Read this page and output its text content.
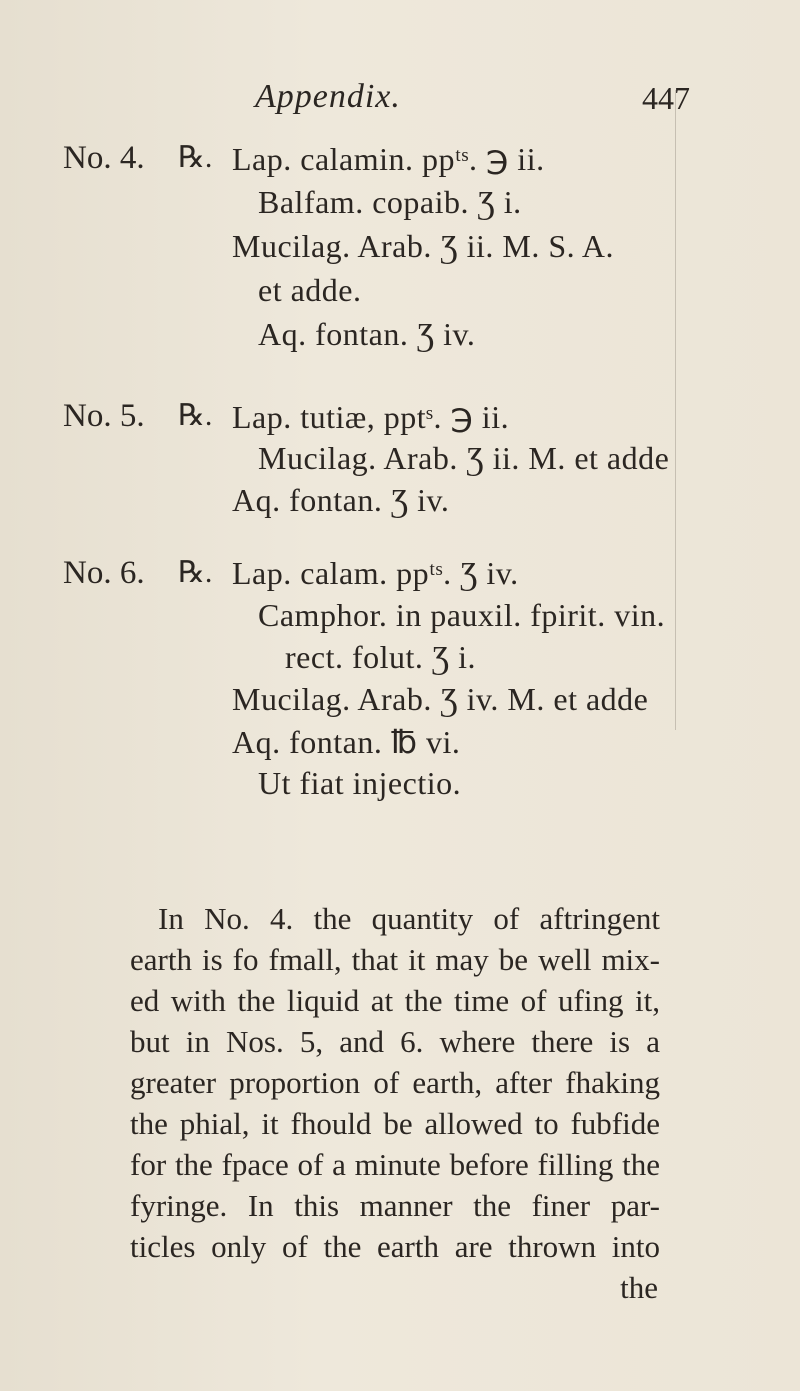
Appendix.	447
No. 4. ℞. Lap. calamin. ppᵗˢ. ℈ ii.
Balfam. copaib. Ʒ i.
Mucilag. Arab. Ʒ ii. M. S. A.
et adde.
Aq. fontan. Ʒ iv.
No. 5. ℞. Lap. tutiæ, pptˢ. ℈ ii.
Mucilag. Arab. Ʒ ii. M. et adde
Aq. fontan. Ʒ iv.
No. 6. ℞. Lap. calam. ppᵗˢ. Ʒ iv.
Camphor. in pauxil. fpirit. vin.
rect. folut. Ʒ i.
Mucilag. Arab. Ʒ iv. M. et adde
Aq. fontan. ℔ vi.
Ut fiat injectio.
In No. 4. the quantity of aftringent
earth is fo fmall, that it may be well mix-
ed with the liquid at the time of ufing it,
but in Nos. 5, and 6. where there is a
greater proportion of earth, after fhaking
the phial, it fhould be allowed to fubfide
for the fpace of a minute before filling the
fyringe. In this manner the finer par-
ticles only of the earth are thrown into
the
